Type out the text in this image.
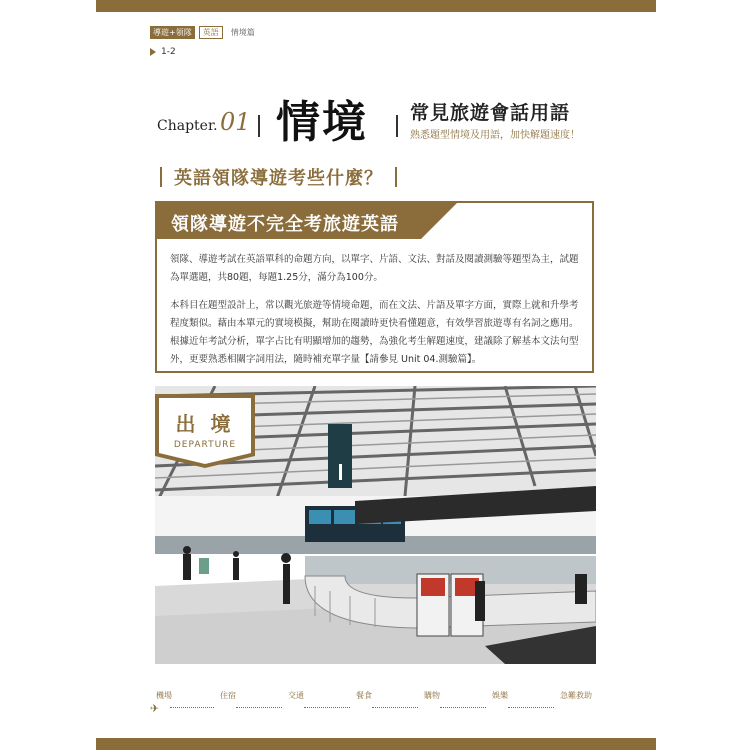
導遊+領隊	英語	情境篇
1-2
Chapter. 01 情境 常見旅遊會話用語
熟悉題型情境及用語，加快解題速度！
英語領隊導遊考些什麼？
領隊導遊不完全考旅遊英語

領隊、導遊考試在英語單科的命題方向，以單字、片語、文法、對話及閱讀測驗等題型為主，試題為單選題，共80題，每題1.25分，滿分為100分。

本科目在題型設計上，常以觀光旅遊等情境命題，而在文法、片語及單字方面，實際上就和升學考程度類似。藉由本單元的實境模擬，幫助在閱讀時更快看懂題意，有效學習旅遊專有名詞之應用。根據近年考試分析，單字占比有明顯增加的趨勢，為強化考生解題速度，建議除了解基本文法句型外，更要熟悉相關字詞用法，隨時補充單字量【請參見 Unit 04.測驗篇】。

出 境
DEPARTURE
✈
機場	住宿	交通	餐食	購物	娛樂	急難救助
